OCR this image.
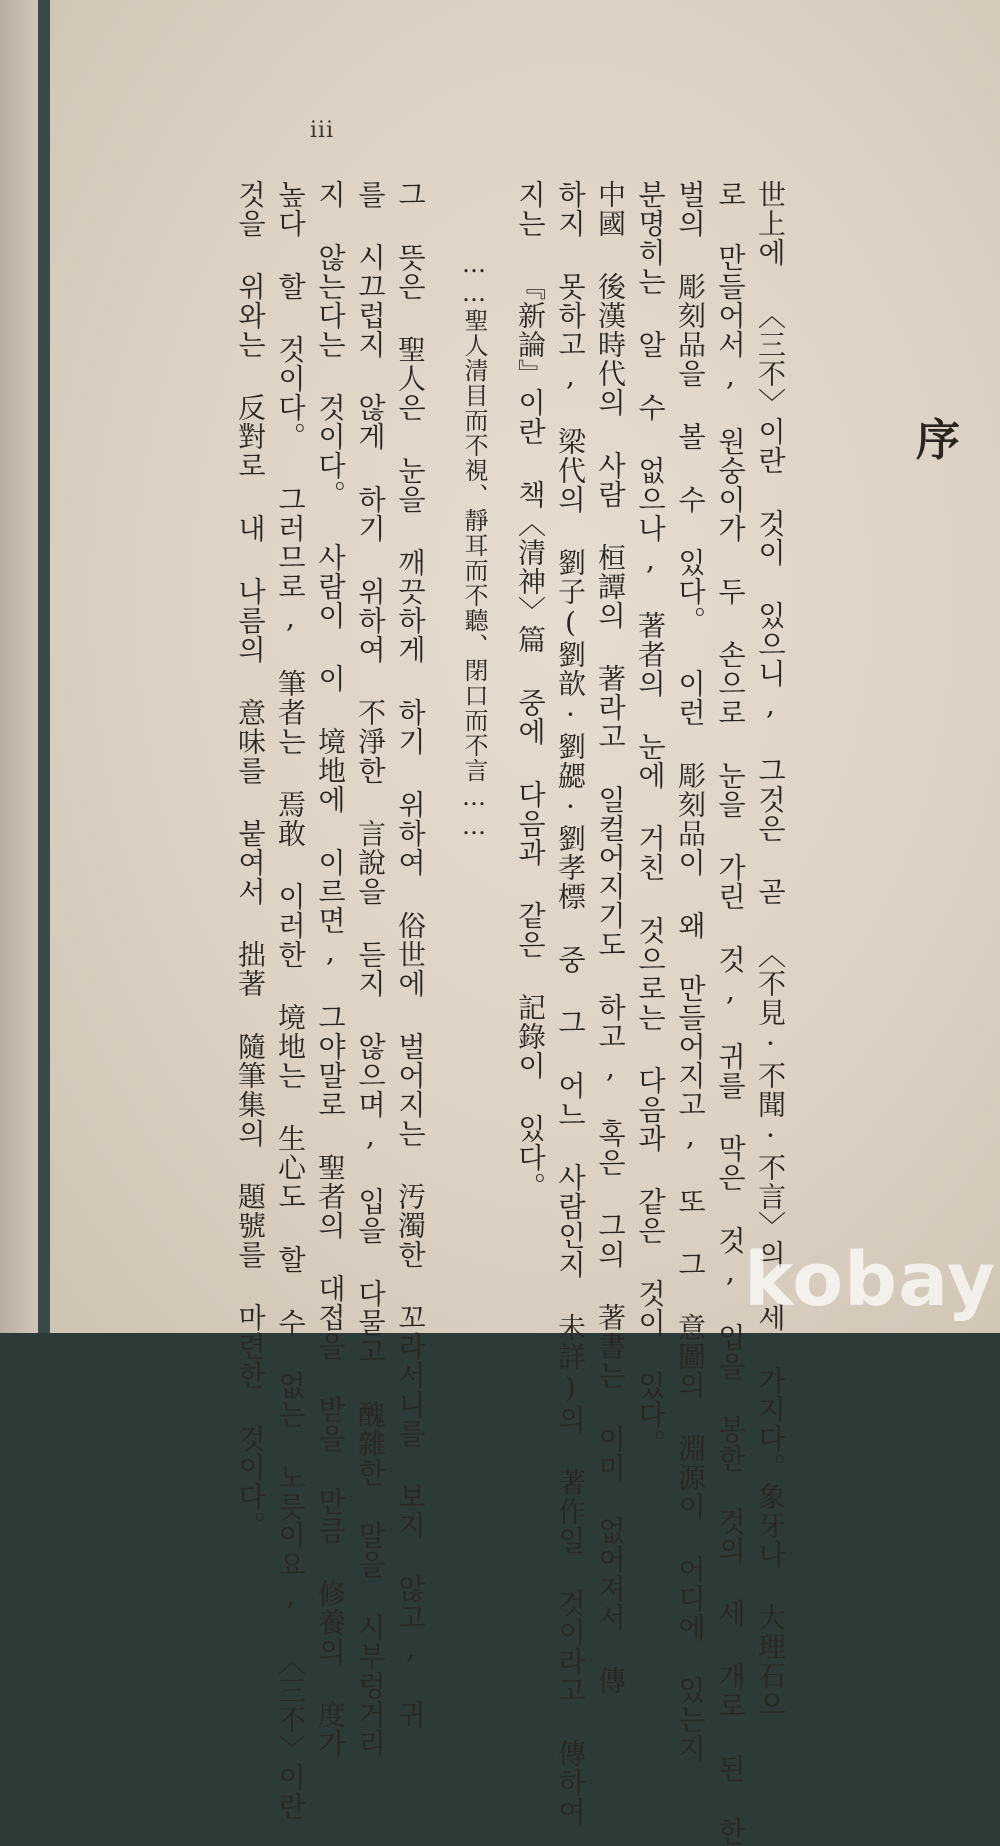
iii
序
世上에 〈三不〉이란 것이 있으니, 그것은 곧 〈不見·不聞·不言〉의 세 가지다。象牙나 大理石으
로 만들어서, 원숭이가 두 손으로 눈을 가린 것, 귀를 막은 것, 입을 봉한 것의 세 개로 된 한
벌의 彫刻品을 볼 수 있다。 이런 彫刻品이 왜 만들어지고, 또 그 意圖의 淵源이 어디에 있는지
분명히는 알 수 없으나, 著者의 눈에 거친 것으로는 다음과 같은 것이 있다。
中國 後漢時代의 사람 桓譚의 著라고 일컬어지기도 하고, 혹은 그의 著書는 이미 없어져서 傳
하지 못하고, 梁代의 劉子(劉歆·劉勰·劉孝標 중 그 어느 사람인지 未詳)의 著作일 것이라고 傳하여
지는 『新論』이란 책〈清神〉篇 중에 다음과 같은 記錄이 있다。
……聖人清目而不視、靜耳而不聽、閉口而不言……
그 뜻은 聖人은 눈을 깨끗하게 하기 위하여 俗世에 벌어지는 汚濁한 꼬라서니를 보지 않고, 귀
를 시끄럽지 않게 하기 위하여 不淨한 言說을 듣지 않으며, 입을 다물고 醜雜한 말을 시부렁거리
지 않는다는 것이다。 사람이 이 境地에 이르면, 그야말로 聖者의 대접을 받을 만큼 修養의 度가
높다 할 것이다。 그러므로, 筆者는 焉敢 이러한 境地는 生心도 할 수 없는 노릇이요, 〈三不〉이란
것을 위와는 反對로 내 나름의 意味를 붙여서 拙著 隨筆集의 題號를 마련한 것이다。	kobay
